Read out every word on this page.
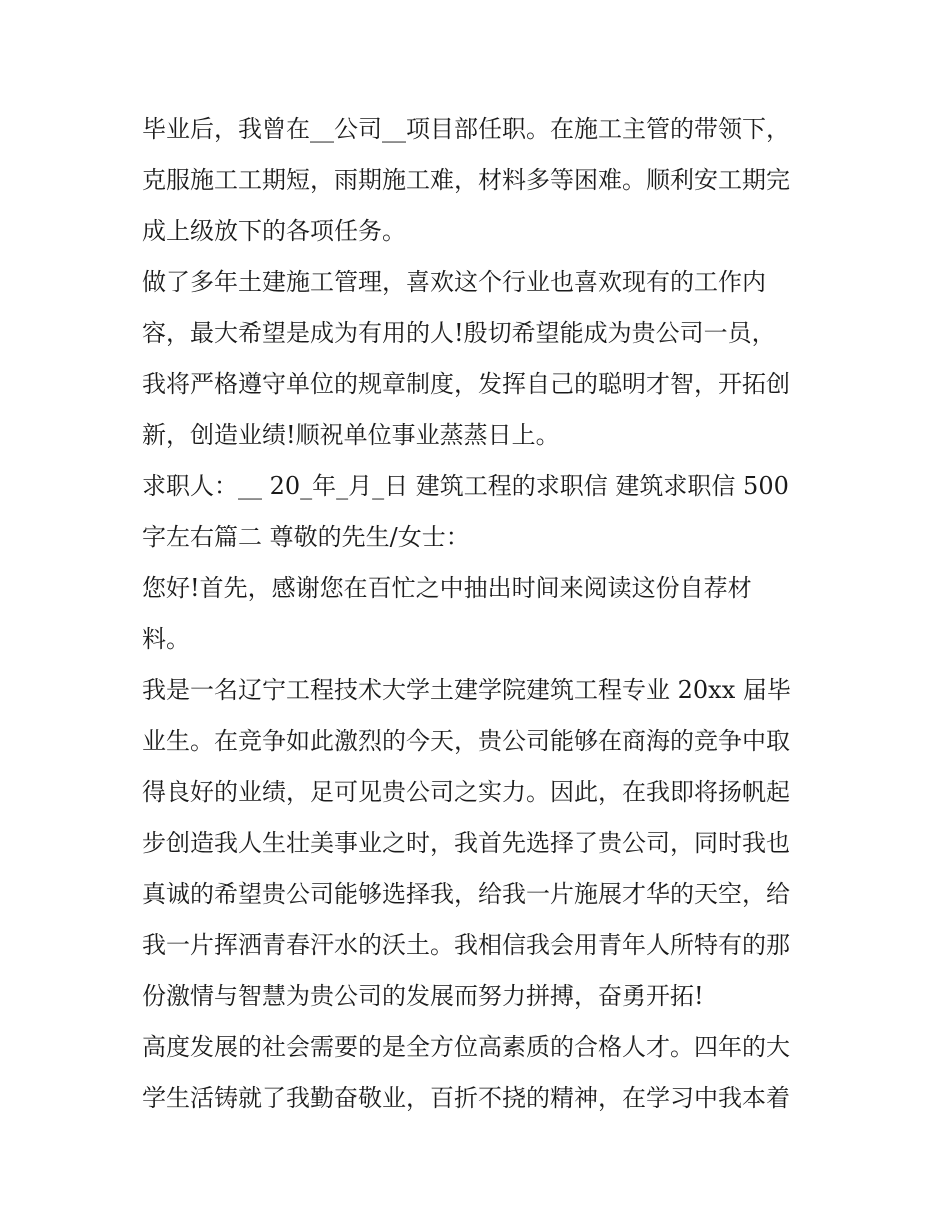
毕业后，我曾在__公司__项目部任职。在施工主管的带领下，
克服施工工期短，雨期施工难，材料多等困难。顺利安工期完
成上级放下的各项任务。
做了多年土建施工管理，喜欢这个行业也喜欢现有的工作内
容，最大希望是成为有用的人!殷切希望能成为贵公司一员，
我将严格遵守单位的规章制度，发挥自己的聪明才智，开拓创
新，创造业绩!顺祝单位事业蒸蒸日上。
求职人：__ 20_年_月_日 建筑工程的求职信 建筑求职信 500
字左右篇二 尊敬的先生/女士：
您好!首先，感谢您在百忙之中抽出时间来阅读这份自荐材
料。
我是一名辽宁工程技术大学土建学院建筑工程专业 20xx 届毕
业生。在竞争如此激烈的今天，贵公司能够在商海的竞争中取
得良好的业绩，足可见贵公司之实力。因此，在我即将扬帆起
步创造我人生壮美事业之时，我首先选择了贵公司，同时我也
真诚的希望贵公司能够选择我，给我一片施展才华的天空，给
我一片挥洒青春汗水的沃土。我相信我会用青年人所特有的那
份激情与智慧为贵公司的发展而努力拼搏，奋勇开拓!
高度发展的社会需要的是全方位高素质的合格人才。四年的大
学生活铸就了我勤奋敬业，百折不挠的精神，在学习中我本着
